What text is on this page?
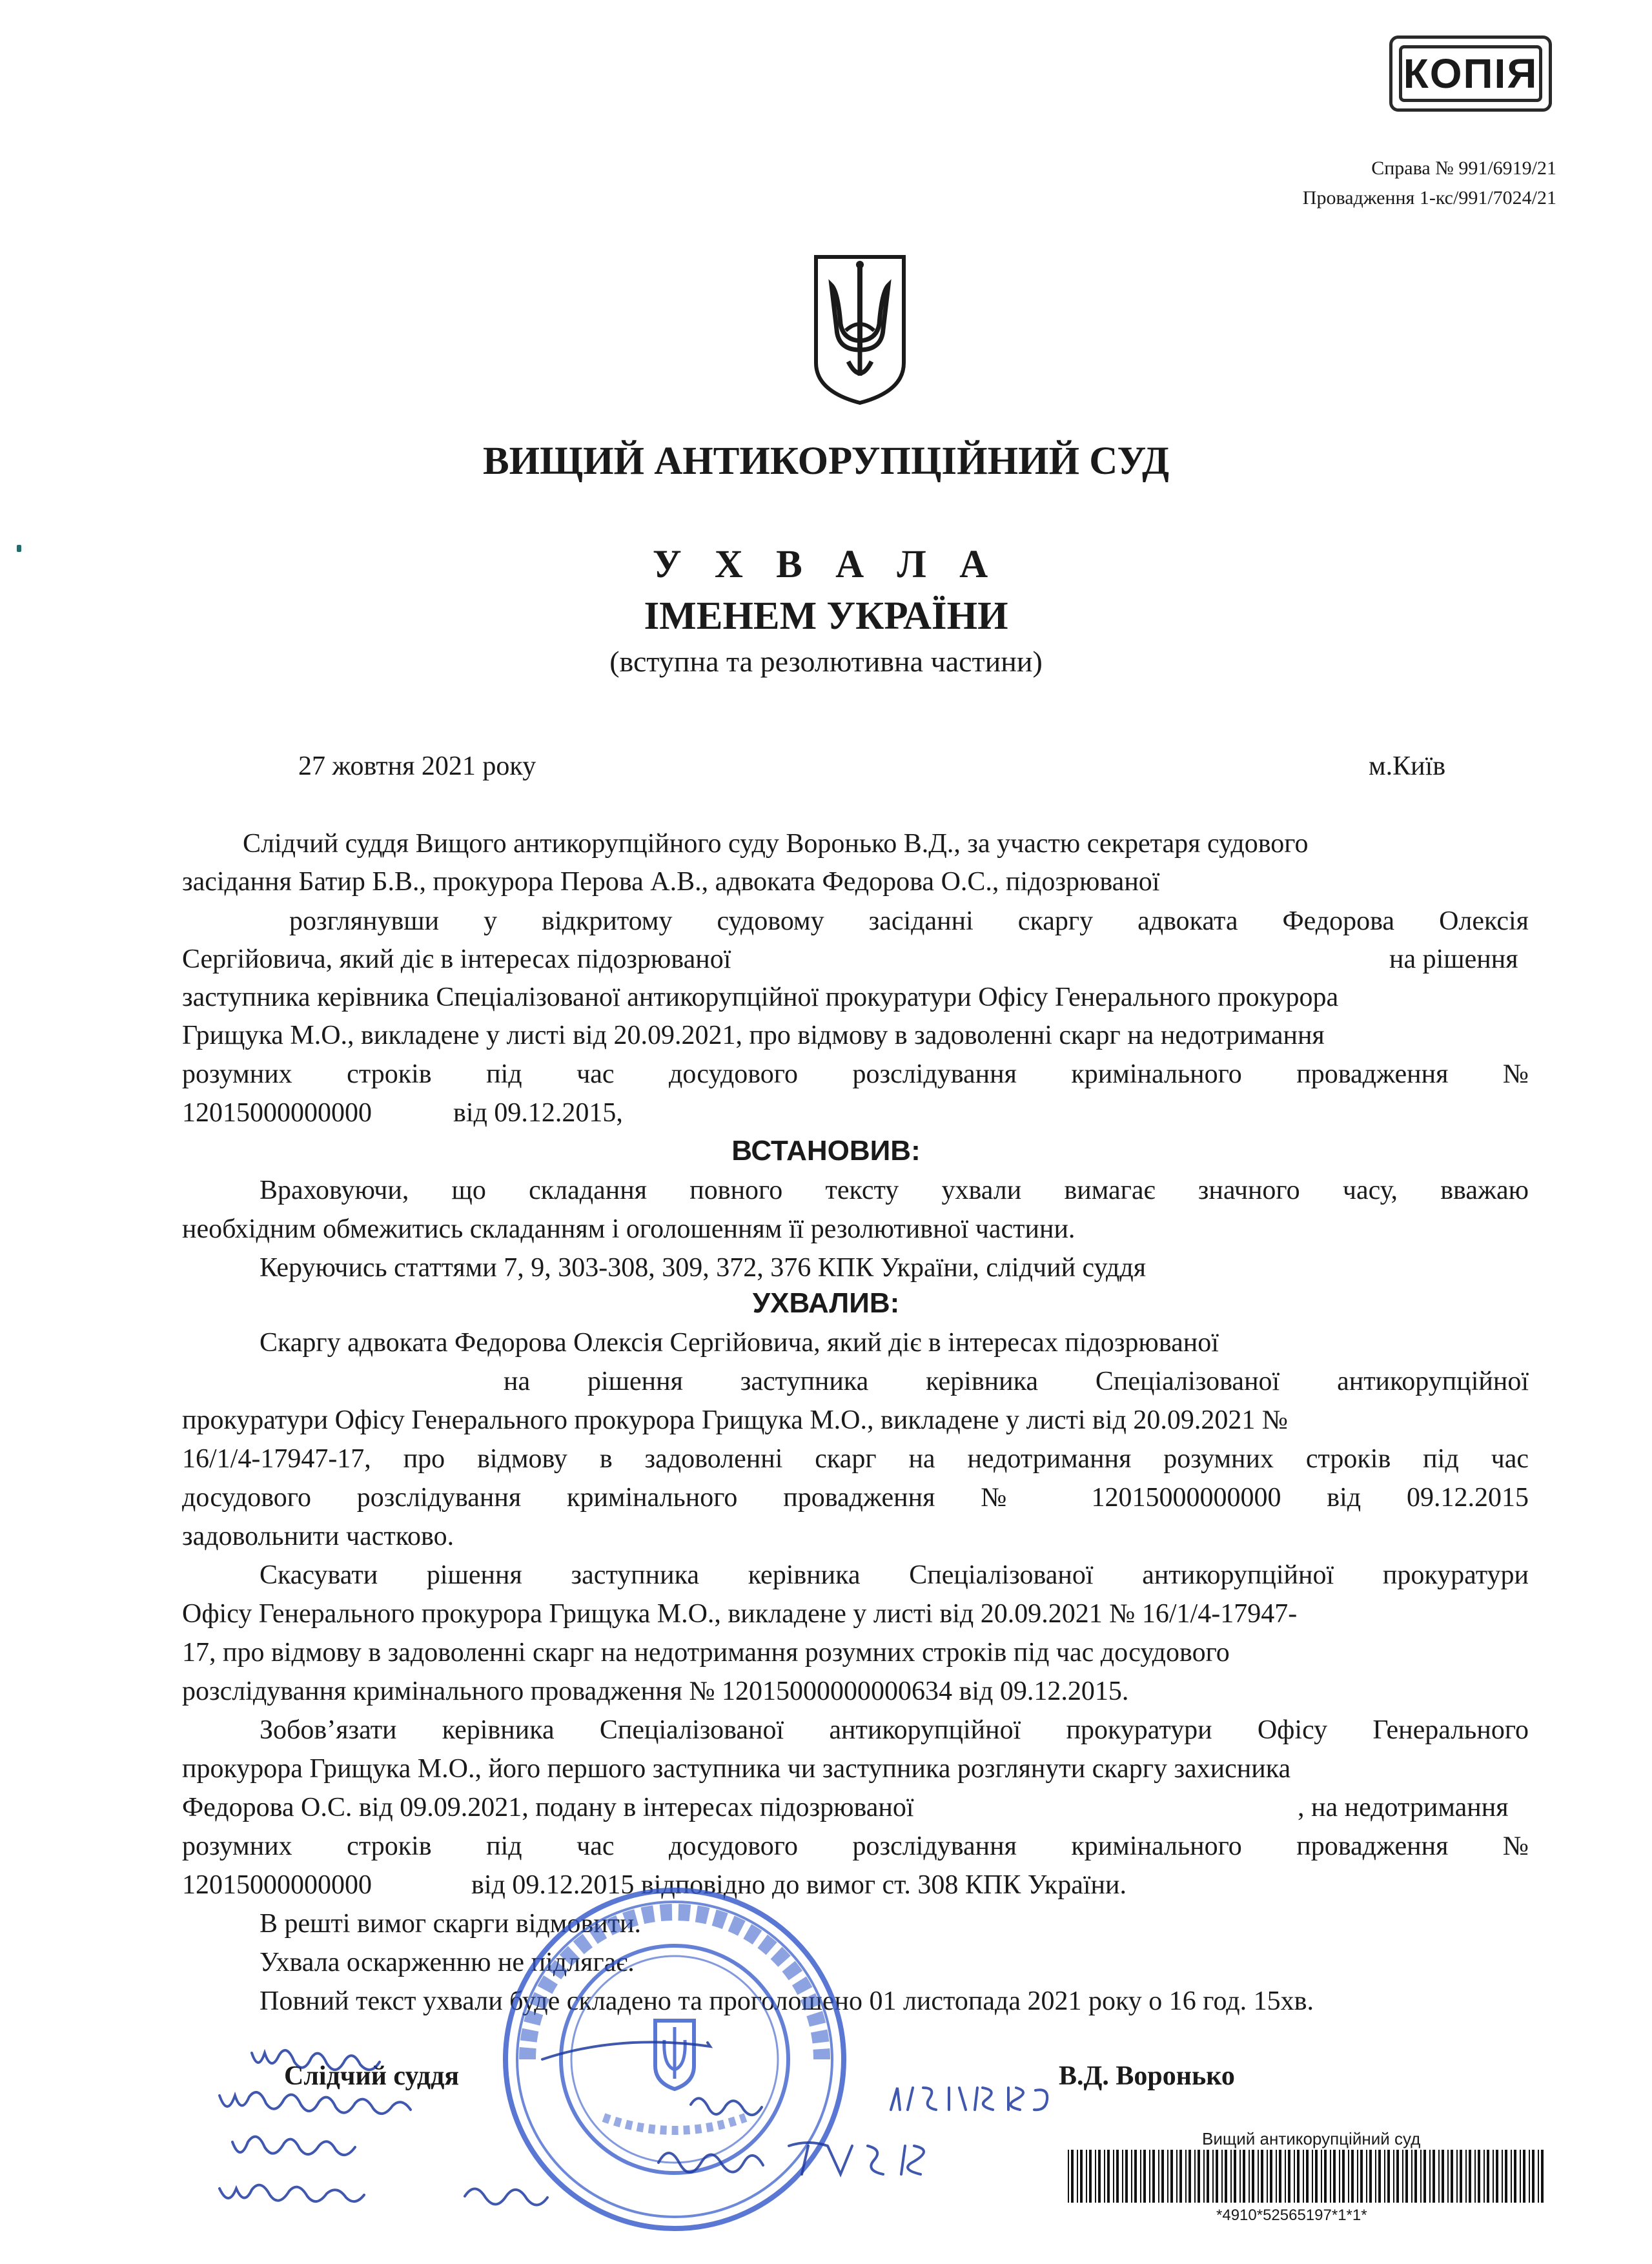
КОПІЯ
Справа № 991/6919/21
Провадження 1-кс/991/7024/21
ВИЩИЙ АНТИКОРУПЦІЙНИЙ СУД
У Х В А Л А
ІМЕНЕМ УКРАЇНИ
(вступна та резолютивна частини)
27 жовтня 2021 року	м.Київ
Слідчий суддя Вищого антикорупційного суду Воронько В.Д., за участю секретаря судового
засідання Батир Б.В., прокурора Перова А.В., адвоката Федорова О.С., підозрюваної
розглянувши у відкритому судовому засіданні скаргу адвоката Федорова Олексія
Сергійовича, який діє в інтересах підозрюваної	на рішення
заступника керівника Спеціалізованої антикорупційної прокуратури Офісу Генерального прокурора
Грищука М.О., викладене у листі від 20.09.2021, про відмову в задоволенні скарг на недотримання
розумних строків під час досудового розслідування кримінального провадження №
12015000000000	від 09.12.2015,
ВСТАНОВИВ:
Враховуючи, що складання повного тексту ухвали вимагає значного часу, вважаю
необхідним обмежитись складанням і оголошенням її резолютивної частини.
Керуючись статтями 7, 9, 303-308, 309, 372, 376 КПК України, слідчий суддя
УХВАЛИВ:
Скаргу адвоката Федорова Олексія Сергійовича, який діє в інтересах підозрюваної
на рішення заступника керівника Спеціалізованої антикорупційної
прокуратури Офісу Генерального прокурора Грищука М.О., викладене у листі від 20.09.2021 №
16/1/4-17947-17, про відмову в задоволенні скарг на недотримання розумних строків під час
досудового розслідування кримінального провадження № 12015000000000 від 09.12.2015
задовольнити частково.
Скасувати рішення заступника керівника Спеціалізованої антикорупційної прокуратури
Офісу Генерального прокурора Грищука М.О., викладене у листі від 20.09.2021 № 16/1/4-17947-
17, про відмову в задоволенні скарг на недотримання розумних строків під час досудового
розслідування кримінального провадження № 12015000000000634 від 09.12.2015.
Зобов’язати керівника Спеціалізованої антикорупційної прокуратури Офісу Генерального
прокурора Грищука М.О., його першого заступника чи заступника розглянути скаргу захисника
Федорова О.С. від 09.09.2021, подану в інтересах підозрюваної	, на недотримання
розумних строків під час досудового розслідування кримінального провадження №
12015000000000	від 09.12.2015 відповідно до вимог ст. 308 КПК України.
В решті вимог скарги відмовити.
Ухвала оскарженню не підлягає.
Повний текст ухвали буде складено та проголошено 01 листопада 2021 року о 16 год. 15хв.
Слідчий суддя	В.Д. Воронько
Вищий антикорупційний суд
*4910*52565197*1*1*
